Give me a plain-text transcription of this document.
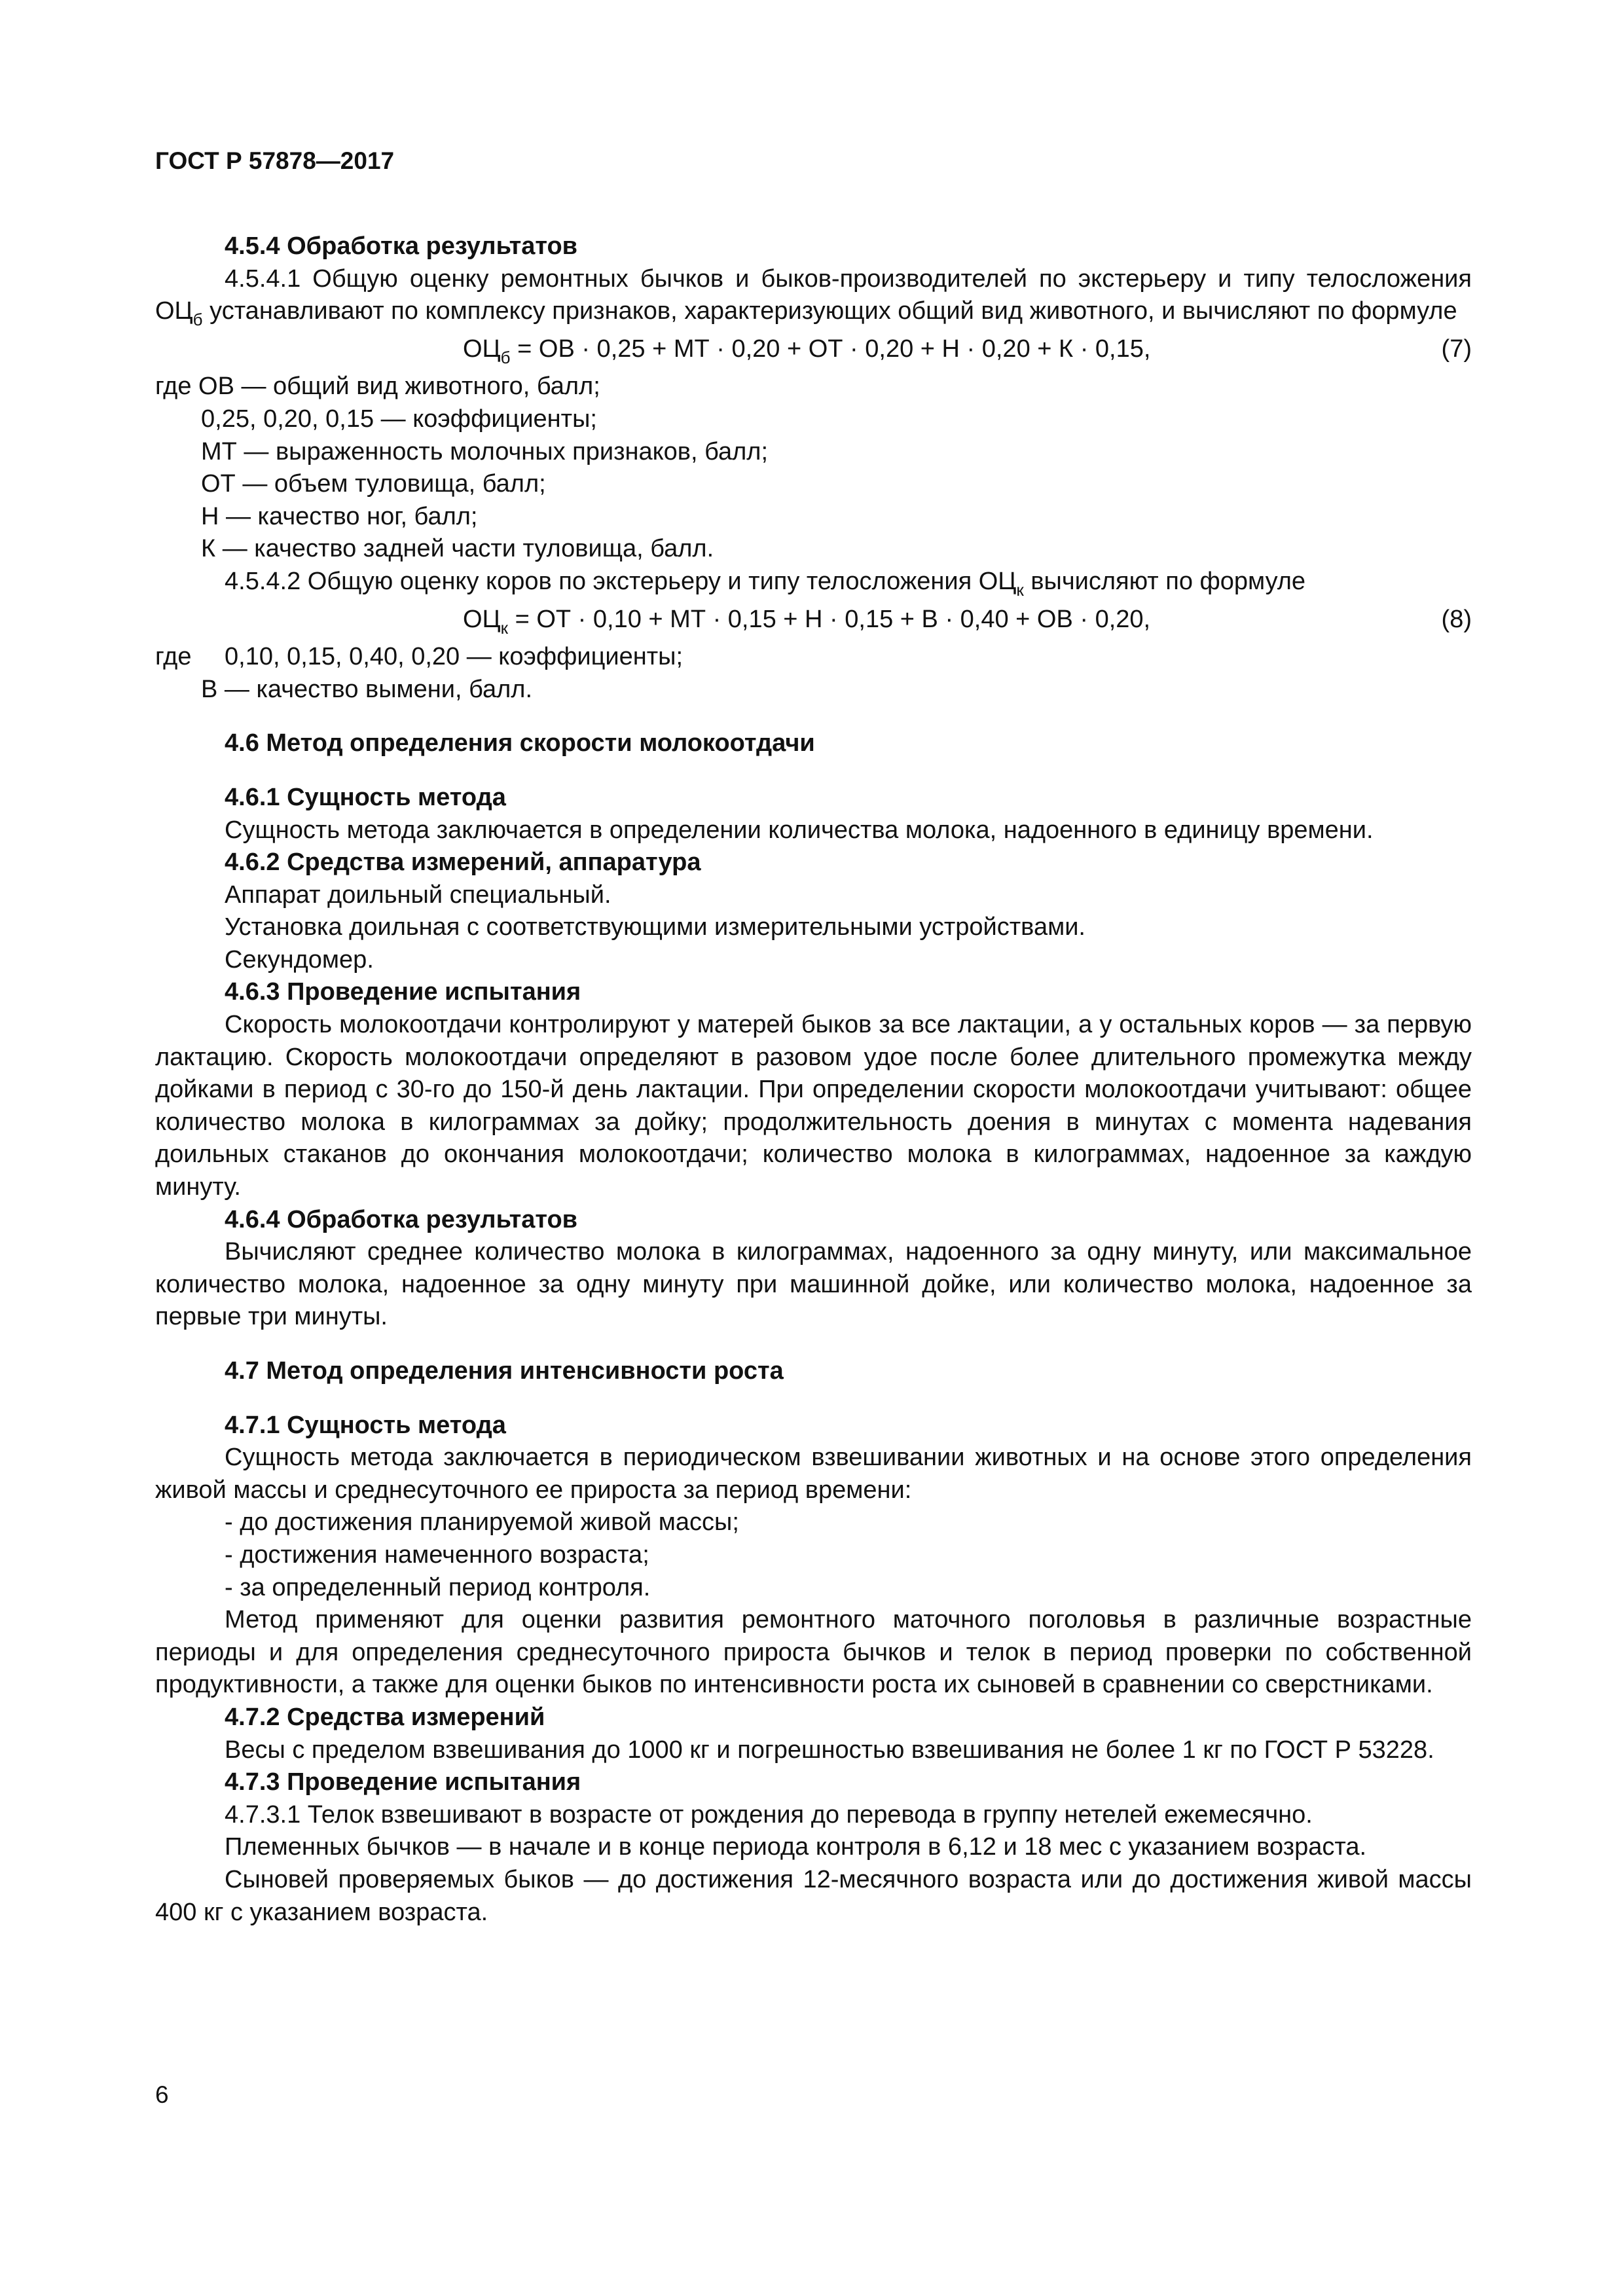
ГОСТ Р 57878—2017

4.5.4 Обработка результатов

4.5.4.1 Общую оценку ремонтных бычков и быков-производителей по экстерьеру и типу телосложения $ОЦ_б$ устанавливают по комплексу признаков, характеризующих общий вид животного, и вычисляют по формуле

$ОЦ_б$ = ОВ · 0,25 + МТ · 0,20 + ОТ · 0,20 + Н · 0,20 + К · 0,15,	(7)

где ОВ — общий вид животного, балл;

0,25, 0,20, 0,15 — коэффициенты;

МТ — выраженность молочных признаков, балл;

ОТ — объем туловища, балл;

Н — качество ног, балл;

К — качество задней части туловища, балл.

4.5.4.2 Общую оценку коров по экстерьеру и типу телосложения $ОЦ_к$ вычисляют по формуле

$ОЦ_к$ = ОТ · 0,10 + МТ · 0,15 + Н · 0,15 + В · 0,40 + ОВ · 0,20,	(8)

где 0,10, 0,15, 0,40, 0,20 — коэффициенты;

В — качество вымени, балл.

4.6 Метод определения скорости молокоотдачи

4.6.1 Сущность метода

Сущность метода заключается в определении количества молока, надоенного в единицу времени.

4.6.2 Средства измерений, аппаратура

Аппарат доильный специальный.

Установка доильная с соответствующими измерительными устройствами.

Секундомер.

4.6.3 Проведение испытания

Скорость молокоотдачи контролируют у матерей быков за все лактации, а у остальных коров — за первую лактацию. Скорость молокоотдачи определяют в разовом удое после более длительного промежутка между дойками в период с 30-го до 150-й день лактации. При определении скорости молокоотдачи учитывают: общее количество молока в килограммах за дойку; продолжительность доения в минутах с момента надевания доильных стаканов до окончания молокоотдачи; количество молока в килограммах, надоенное за каждую минуту.

4.6.4 Обработка результатов

Вычисляют среднее количество молока в килограммах, надоенного за одну минуту, или максимальное количество молока, надоенное за одну минуту при машинной дойке, или количество молока, надоенное за первые три минуты.

4.7 Метод определения интенсивности роста

4.7.1 Сущность метода

Сущность метода заключается в периодическом взвешивании животных и на основе этого определения живой массы и среднесуточного ее прироста за период времени:

- до достижения планируемой живой массы;

- достижения намеченного возраста;

- за определенный период контроля.

Метод применяют для оценки развития ремонтного маточного поголовья в различные возрастные периоды и для определения среднесуточного прироста бычков и телок в период проверки по собственной продуктивности, а также для оценки быков по интенсивности роста их сыновей в сравнении со сверстниками.

4.7.2 Средства измерений

Весы с пределом взвешивания до 1000 кг и погрешностью взвешивания не более 1 кг по ГОСТ Р 53228.

4.7.3 Проведение испытания

4.7.3.1 Телок взвешивают в возрасте от рождения до перевода в группу нетелей ежемесячно.

Племенных бычков — в начале и в конце периода контроля в 6,12 и 18 мес с указанием возраста.

Сыновей проверяемых быков — до достижения 12-месячного возраста или до достижения живой массы 400 кг с указанием возраста.

6
